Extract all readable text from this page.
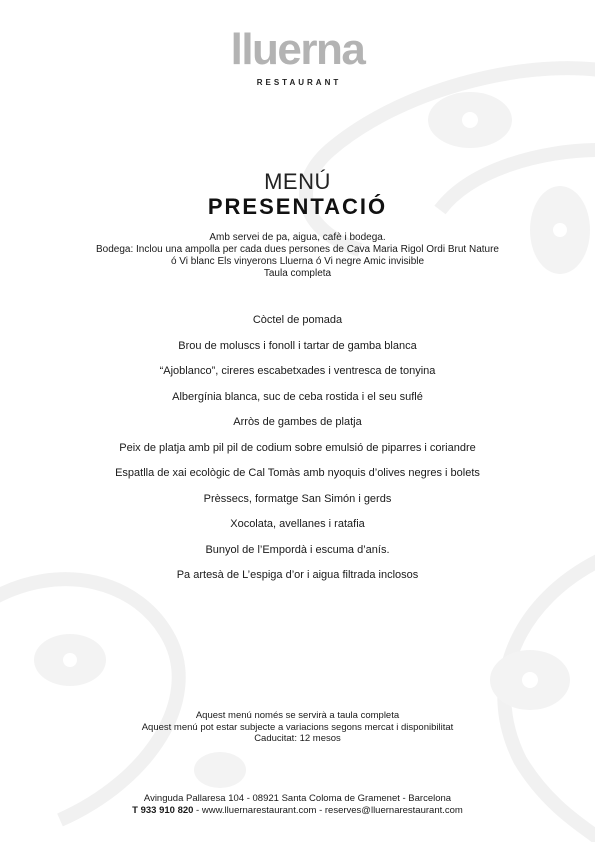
lluerna
RESTAURANT
MENÚ
PRESENTACIÓ
Amb servei de pa, aigua, cafè i bodega.
Bodega: Inclou una ampolla per cada dues persones de Cava Maria Rigol Ordi Brut Nature
ó Vi blanc Els vinyerons Lluerna ó Vi negre Amic invisible
Taula completa
Còctel de pomada
Brou de moluscs i fonoll i tartar de gamba blanca
“Ajoblanco”, cireres escabetxades i ventresca de tonyina
Albergínia blanca, suc de ceba rostida i el seu suflé
Arròs de gambes de platja
Peix de platja amb pil pil de codium sobre emulsió de piparres i coriandre
Espatlla de xai ecològic de Cal Tomàs amb nyoquis d’olives negres i bolets
Prèssecs, formatge San Simón i gerds
Xocolata, avellanes i ratafia
Bunyol de l’Empordà i escuma d’anís.
Pa artesà de L’espiga d’or i aigua filtrada inclosos
Aquest menú només se servirà a taula completa
Aquest menú pot estar subjecte a variacions segons mercat i disponibilitat
Caducitat: 12 mesos
Avinguda Pallaresa 104 - 08921 Santa Coloma de Gramenet - Barcelona
T 933 910 820 - www.lluernarestaurant.com - reserves@lluernarestaurant.com
